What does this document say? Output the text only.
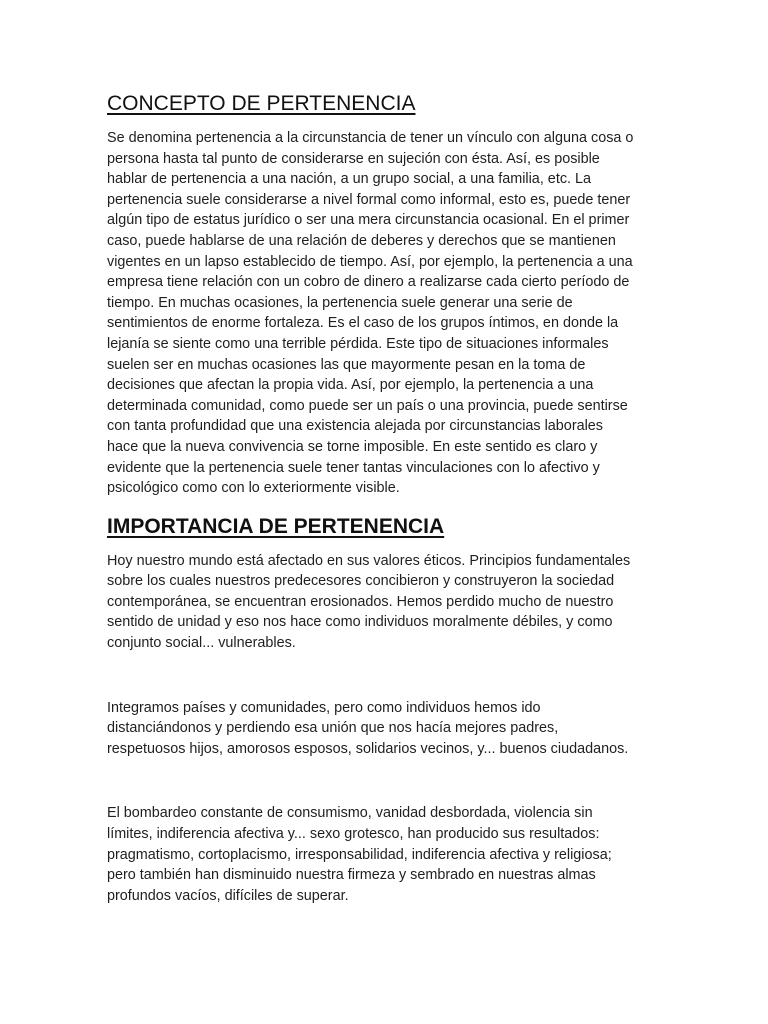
CONCEPTO DE PERTENENCIA

Se denomina pertenencia a la circunstancia de tener un vínculo con alguna cosa o
persona hasta tal punto de considerarse en sujeción con ésta. Así, es posible
hablar de pertenencia a una nación, a un grupo social, a una familia, etc. La
pertenencia suele considerarse a nivel formal como informal, esto es, puede tener
algún tipo de estatus jurídico o ser una mera circunstancia ocasional. En el primer
caso, puede hablarse de una relación de deberes y derechos que se mantienen
vigentes en un lapso establecido de tiempo. Así, por ejemplo, la pertenencia a una
empresa tiene relación con un cobro de dinero a realizarse cada cierto período de
tiempo. En muchas ocasiones, la pertenencia suele generar una serie de
sentimientos de enorme fortaleza. Es el caso de los grupos íntimos, en donde la
lejanía se siente como una terrible pérdida. Este tipo de situaciones informales
suelen ser en muchas ocasiones las que mayormente pesan en la toma de
decisiones que afectan la propia vida. Así, por ejemplo, la pertenencia a una
determinada comunidad, como puede ser un país o una provincia, puede sentirse
con tanta profundidad que una existencia alejada por circunstancias laborales
hace que la nueva convivencia se torne imposible. En este sentido es claro y
evidente que la pertenencia suele tener tantas vinculaciones con lo afectivo y
psicológico como con lo exteriormente visible.

IMPORTANCIA DE PERTENENCIA

Hoy nuestro mundo está afectado en sus valores éticos. Principios fundamentales
sobre los cuales nuestros predecesores concibieron y construyeron la sociedad
contemporánea, se encuentran erosionados. Hemos perdido mucho de nuestro
sentido de unidad y eso nos hace como individuos moralmente débiles, y como
conjunto social... vulnerables.

Integramos países y comunidades, pero como individuos hemos ido
distanciándonos y perdiendo esa unión que nos hacía mejores padres,
respetuosos hijos, amorosos esposos, solidarios vecinos, y... buenos ciudadanos.

El bombardeo constante de consumismo, vanidad desbordada, violencia sin
límites, indiferencia afectiva y... sexo grotesco, han producido sus resultados:
pragmatismo, cortoplacismo, irresponsabilidad, indiferencia afectiva y religiosa;
pero también han disminuido nuestra firmeza y sembrado en nuestras almas
profundos vacíos, difíciles de superar.
